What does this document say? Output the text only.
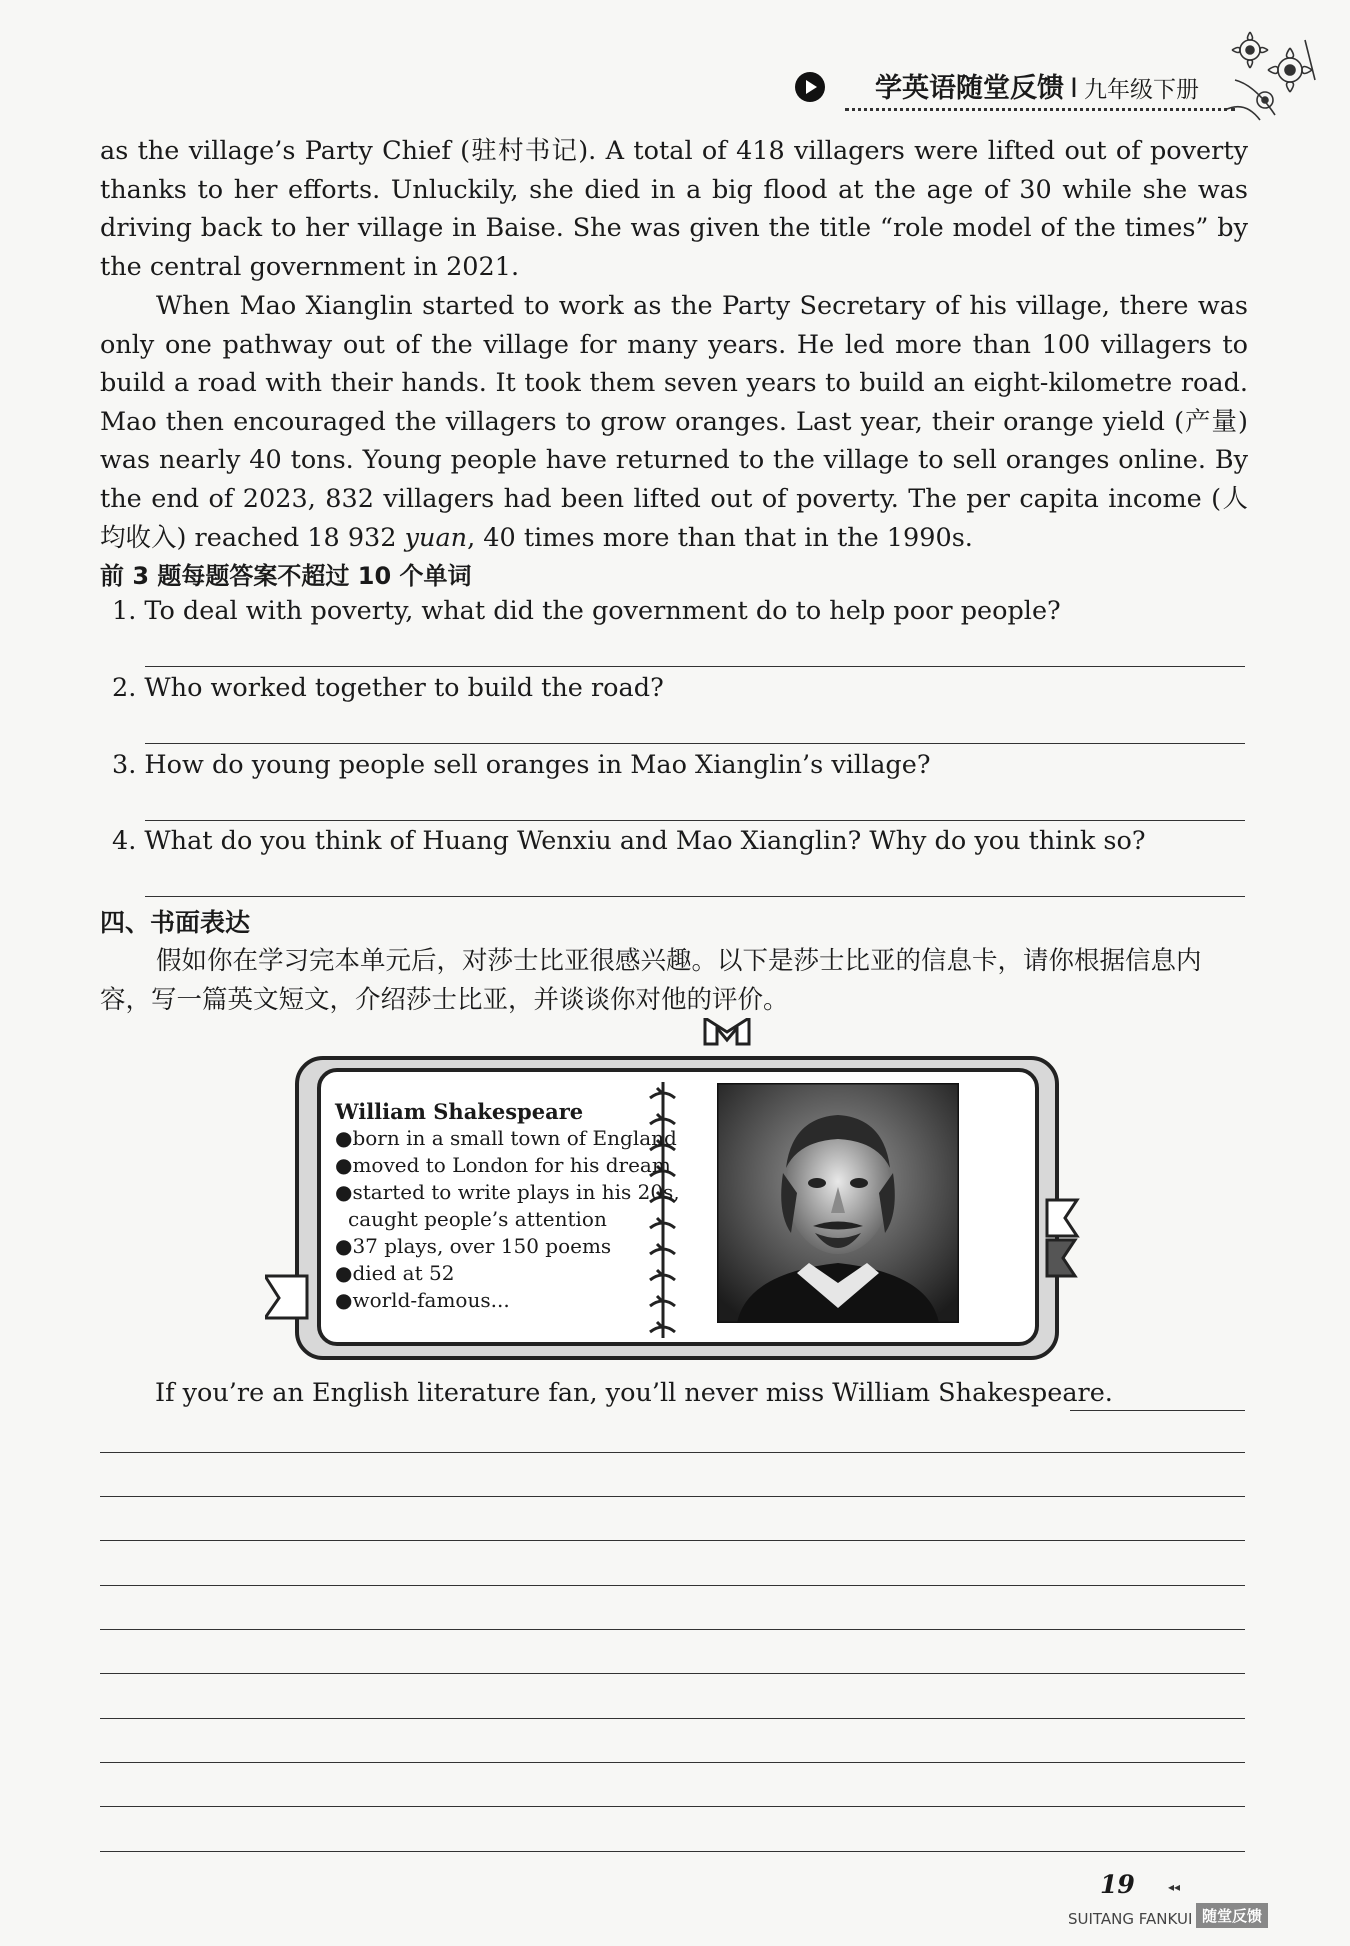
学英语随堂反馈 I 九年级下册

as the village’s Party Chief (驻村书记). A total of 418 villagers were lifted out of poverty thanks to her efforts. Unluckily, she died in a big flood at the age of 30 while she was driving back to her village in Baise. She was given the title “role model of the times” by the central government in 2021.

When Mao Xianglin started to work as the Party Secretary of his village, there was only one pathway out of the village for many years. He led more than 100 villagers to build a road with their hands. It took them seven years to build an eight-kilometre road. Mao then encouraged the villagers to grow oranges. Last year, their orange yield (产量) was nearly 40 tons. Young people have returned to the village to sell oranges online. By the end of 2023, 832 villagers had been lifted out of poverty. The per capita income (人均收入) reached 18 932 yuan, 40 times more than that in the 1990s.

前 3 题每题答案不超过 10 个单词
1. To deal with poverty, what did the government do to help poor people?
2. Who worked together to build the road?
3. How do young people sell oranges in Mao Xianglin’s village?
4. What do you think of Huang Wenxiu and Mao Xianglin? Why do you think so?
四、书面表达

假如你在学习完本单元后，对莎士比亚很感兴趣。以下是莎士比亚的信息卡，请你根据信息内容，写一篇英文短文，介绍莎士比亚，并谈谈你对他的评价。

William Shakespeare
●born in a small town of England
●moved to London for his dream
●started to write plays in his 20s,
caught people’s attention
●37 plays, over 150 poems
●died at 52
●world-famous...
If you’re an English literature fan, you’ll never miss William Shakespeare.
19	◂◂
SUITANG FANKUI 随堂反馈
